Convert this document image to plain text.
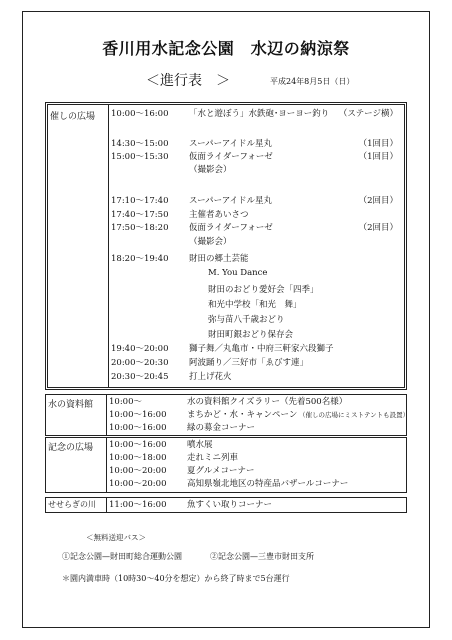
香川用水記念公園　水辺の納涼祭
＜進行表　＞	平成24年8月5日（日）
催しの広場 10:00～16:00 「水と遊ぼう」水鉄砲･ヨーヨー釣り （ステージ横）
14:30～15:00 スーパーアイドル星丸	（1回目）
15:00～15:30 仮面ライダーフォーゼ	（1回目）
（撮影会）
17:10～17:40 スーパーアイドル星丸	（2回目）
17:40～17:50 主催者あいさつ
17:50～18:20 仮面ライダーフォーゼ	（2回目）
（撮影会）
18:20～19:40 財田の郷土芸能
M. You Dance
財田のおどり愛好会「四季」
和光中学校「和光　舞」
弥与苗八千歳おどり
財田町銀おどり保存会
19:40～20:00 獅子舞／丸亀市・中府三軒家六段獅子
20:00～20:30 阿波踊り／三好市「ゑびす連」
20:30～20:45 打上げ花火
水の資料館 10:00～	水の資料館クイズラリー（先着500名様）
10:00～16:00 まちかど・水・キャンペーン （催しの広場にミストテントも設置）
10:00～16:00 緑の募金コーナー
記念の広場 10:00～16:00 噴水展
10:00～18:00 走れミニ列車
10:00～20:00 夏グルメコーナー
10:00～20:00 高知県嶺北地区の特産品バザールコーナー
せせらぎの川 11:00～16:00 魚すくい取りコーナー
＜無料送迎バス＞
①記念公園—財田町総合運動公園	②記念公園—三豊市財田支所
＊園内満車時（10時30～40分を想定）から終了時まで5台運行
